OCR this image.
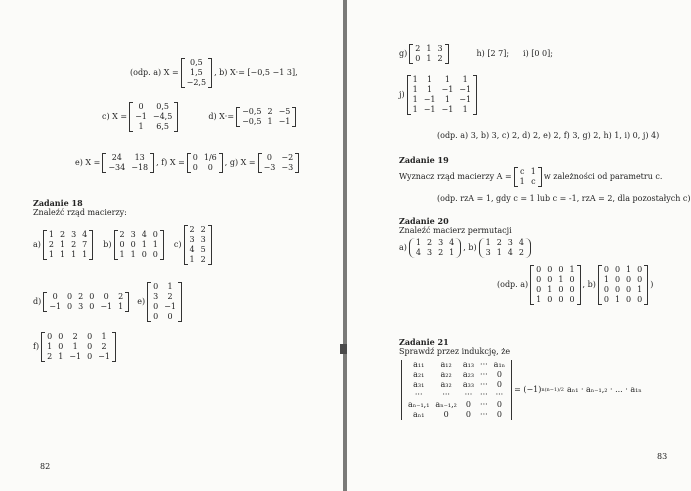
(odp. a) X =
0,5
1,5
−2,5
, b) X·= [−0,5 −1 3],
c) X =
0	0,5
−1	−4,5
1	6,5
d) X·=
−0,5	2	−5
−0,5	1	−1
e) X =
24	13
−34	−18
, f) X =
0	1/6
0	0
, g) X =
0	−2
−3	−3
Zadanie 18
Znaleźć rząd macierzy:
a)
1	2	3	4
2	1	2	7
1	1	1	1
b)
2	3	4	0
0	0	1	1
1	1	0	0
c)
2	2
3	3
4	5
1	2
d)
0	0	2	0	0	2
−1	0	3	0	−1	1
e)
0	1
3	2
0	−1
0	0
f)
0	0	2	0	1
1	0	1	0	2
2	1	−1	0	−1
82
g)
2	1	3
0	1	2
h) [2 7]; i) [0 0];
j)
1	1	1	1
1	1	−1	−1
1	−1	1	−1
1	−1	−1	1
(odp. a) 3, b) 3, c) 2, d) 2, e) 2, f) 3, g) 2, h) 1, i) 0, j) 4)
Zadanie 19
Wyznacz rząd macierzy A =
c	1
1	c
w zależności od parametru c.
(odp. rzA = 1, gdy c = 1 lub c = -1, rzA = 2, dla pozostałych c)
Zadanie 20
Znaleźć macierz permutacji
a)
1	2	3	4
4	3	2	1
, b)
1	2	3	4
3	1	4	2
(odp. a)
0	0	0	1
0	0	1	0
0	1	0	0
1	0	0	0
, b)
0	0	1	0
1	0	0	0
0	0	0	1
0	1	0	0
)
Zadanie 21
Sprawdź przez indukcję, że
a₁₁	a₁₂	a₁₃	···	a₁ₙ
a₂₁	a₂₂	a₂₃	···	0
a₃₁	a₃₂	a₃₃	···	0
···	···	···	···	···
aₙ₋₁,₁	aₙ₋₁,₂	0	···	0
aₙ₁	0	0	···	0
= (−1) n(n−1)/2 aₙ₁ · aₙ₋₁,₂ · ... · a₁ₙ
83
